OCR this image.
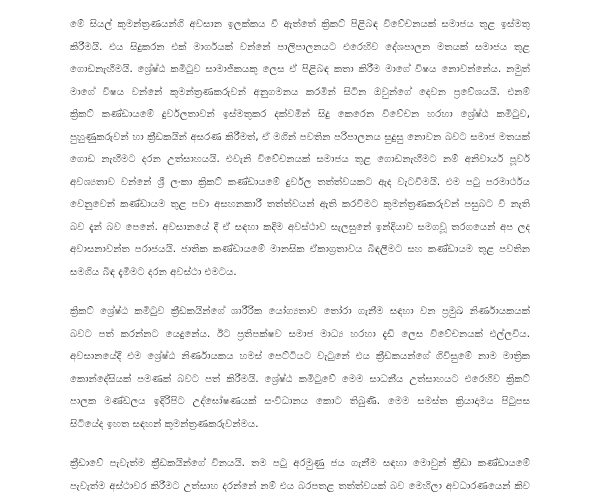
මේ සියල් කුමන්ත්‍රණයන්ගි අවසාන ඉලක්කය වී ඇත්තේ ක්‍රිකට් පිළිබඳ විවේචනයක් සමාජය තුළ ඉස්මතු
කිරීමයි. එය සිදුකරන එක් මාර්ගයක් වන්නේ පාලිපාලනයට එරෙහිව දේශපාලන මතයක් සමාජය තුළ
ගොඩනැඟීමයි. ශ්‍රේෂ්ඨ කමිටුව සාමාජිකයකු ලෙස ඒ පිළිබඳ කතා කිරීම මාගේ විෂය නොවන්නේය. නමුත්
මාගේ විෂය වන්නේ කුමන්ත්‍රණකරුවන් අනුගමනය කරමින් සිටින ඔවුන්ගේ දෙවන ප්‍රවේශයයි. එනම්
ක්‍රිකට් කණ්ඩායමේ දුර්වලතාවන් ඉස්මතුකර දක්වමින් සිදු කෙරෙන විවේචන හරහා ශ්‍රේෂ්ඨ කමිටුව,
පුහුණුකරුවන් හා ක්‍රීඩකයින් අසරණ කිරීමත්, ඒ මගින් පවතින පරිපාලනය සුදුසු නොවන බවට සමාජ මතයක්
ගොඩ නැඟීමට දරන උත්සාහයයි. එවැනි විවේචනයක් සමාජය තුළ ගොඩනැඟීමට නම් අනිවාර්ය පූර්ව
අවශ්‍යතාව වන්නේ ශ්‍රී ලංකා ක්‍රිකට් කණ්ඩායමේ දුර්වල තත්ත්වයකට ඇද වැටවීමයි. එම පටු පරමාර්ථය
වෙනුවෙන් කණ්ඩායම තුළ පවා අසහනකාරී තත්ත්වයන් ඇති කරවීමට කුමන්ත්‍රණකරුවන් පසුබට වී නැති
බව දැන් බව පෙනේ. අවසානයේ දී ඒ සඳහා කදිම අවස්ථාව සැලසුනේ ඉන්දියාව සමගවූ තරගයෙන් අප ලද
අවාසනාවන්ත පරාජයයි. ජාතික කණ්ඩායමේ මානසික ඒකාග්‍රතාවය බිඳලීමට සහ කණ්ඩායම තුළ පවතින
සමගිය බිඳ දැමීමට දරන අවස්ථා එමටය.
ක්‍රිකට් ශ්‍රේෂ්ඨ කමිටුව ක්‍රීඩකයින්ගේ ශාරීරික යෝග්‍යතාව තෝරා ගැනීම සඳහා වන ප්‍රමුඛ නිර්ණායකයක්
බවට පත් කරන්නට යෙදුනේය. ඊට ප්‍රතිපක්ෂව සමාජ මාධ්‍ය හරහා දැඩි ලෙස විවේචනයක් එල්ලවිය.
අවසානයේදී එම ශ්‍රේෂ්ඨ නිර්ණායකය හමස් පෙට්ටියට වැටුනේ එය ක්‍රීඩකයන්ගේ ගිවිසුමේ නාම මාත්‍රික
කොන්දේසියක් පමණක් බවට පත් කිරීමයි. ශ්‍රේෂ්ඨ කමිටුවේ මෙම සාධනීය උත්සාහයට එරෙහිව ක්‍රිකට්
පාලක මණ්ඩලය ඉදිරිපිට උද්ඝෝෂණයක් සංවිධානය කොට තිබුණි. මෙම සමස්ත ක්‍රියාදාමය පිටුපස
සිටියේද ඉහත සඳහන් කුමන්ත්‍රණකරුවන්මය.
ක්‍රීඩාවේ පැවැත්ම ක්‍රීඩකයින්ගේ විනයයි. තම පටු අරමුණු ජය ගැනීම සඳහා මොවුන් ක්‍රීඩා කණ්ඩායමේ
පැවැත්ම අස්ථාවර කිරීමට උත්සාහ දරන්නේ නම් එය බරපතළ තත්ත්වයක් බව මෙහිලා අවධාරණයෙන් කිව
